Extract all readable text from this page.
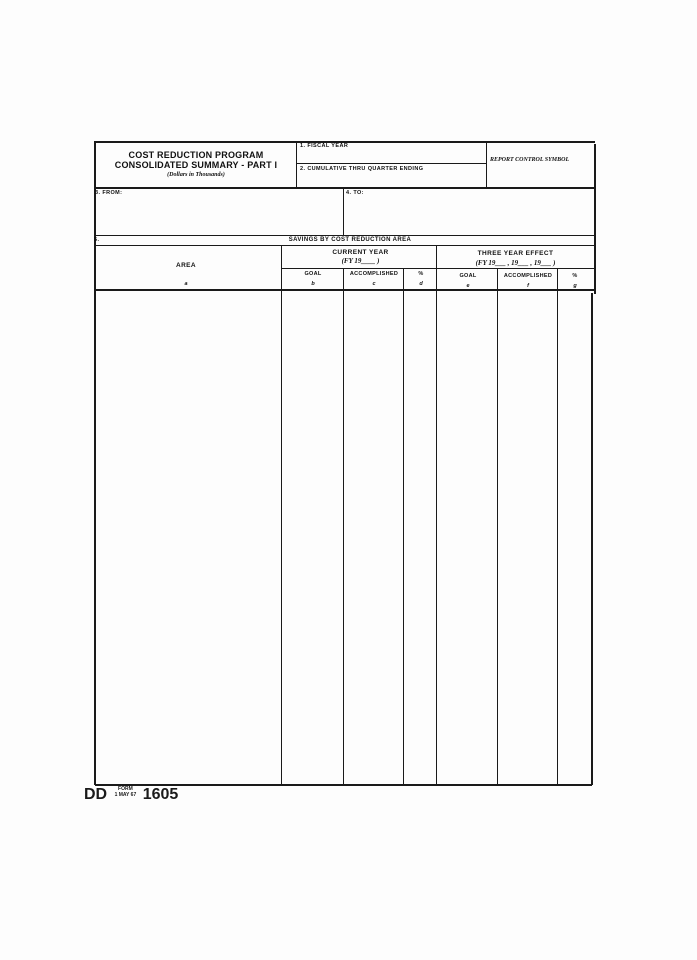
COST REDUCTION PROGRAM
CONSOLIDATED SUMMARY - PART I
(Dollars in Thousands)
1. FISCAL YEAR
2. CUMULATIVE THRU QUARTER ENDING
REPORT CONTROL SYMBOL
3. FROM:	4. TO:
5.	SAVINGS BY COST REDUCTION AREA
AREA
a
CURRENT YEAR
(FY 19____ )
THREE YEAR EFFECT
(FY 19___ , 19___ , 19___ )
GOAL	ACCOMPLISHED	%	GOAL	ACCOMPLISHED	%
b	c	d	e	f	g
DD	FORM
1 MAY 67 1605
